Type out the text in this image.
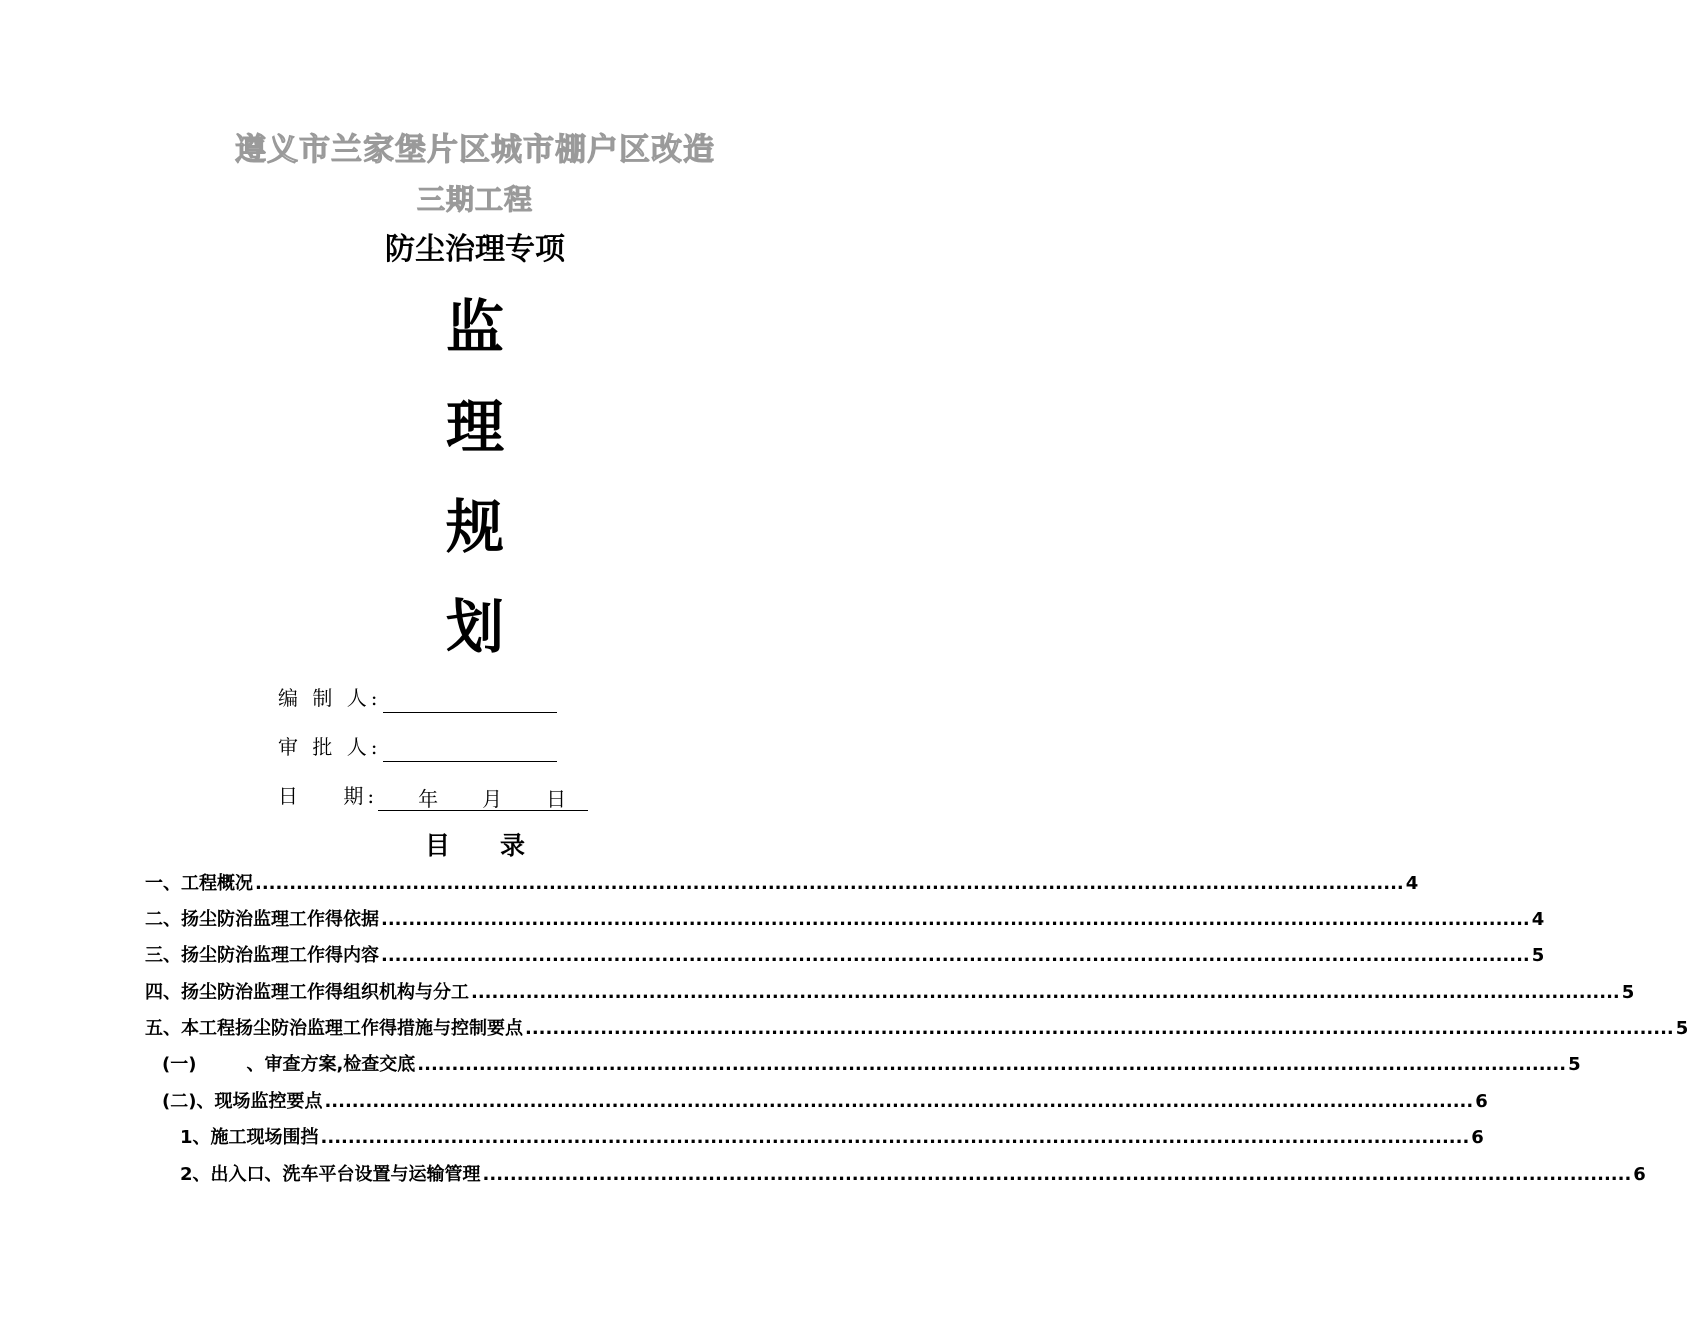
遵义市兰家堡片区城市棚户区改造
三期工程
防尘治理专项
监
理
规
划
编 制 人:
审 批 人:
日    期: 年 月 日
目 录
一、工程概况 ........................................................................................................................................................................ 4
二、扬尘防治监理工作得依据 ........................................................................................................................................................................ 4
三、扬尘防治监理工作得内容 ........................................................................................................................................................................ 5
四、扬尘防治监理工作得组织机构与分工 ........................................................................................................................................................................ 5
五、本工程扬尘防治监理工作得措施与控制要点 ........................................................................................................................................................................ 5
(一)	、审查方案,检查交底 ........................................................................................................................................................................ 5
(二)、现场监控要点 ........................................................................................................................................................................ 6
1、施工现场围挡 ........................................................................................................................................................................ 6
2、出入口、洗车平台设置与运输管理 ........................................................................................................................................................................ 6
